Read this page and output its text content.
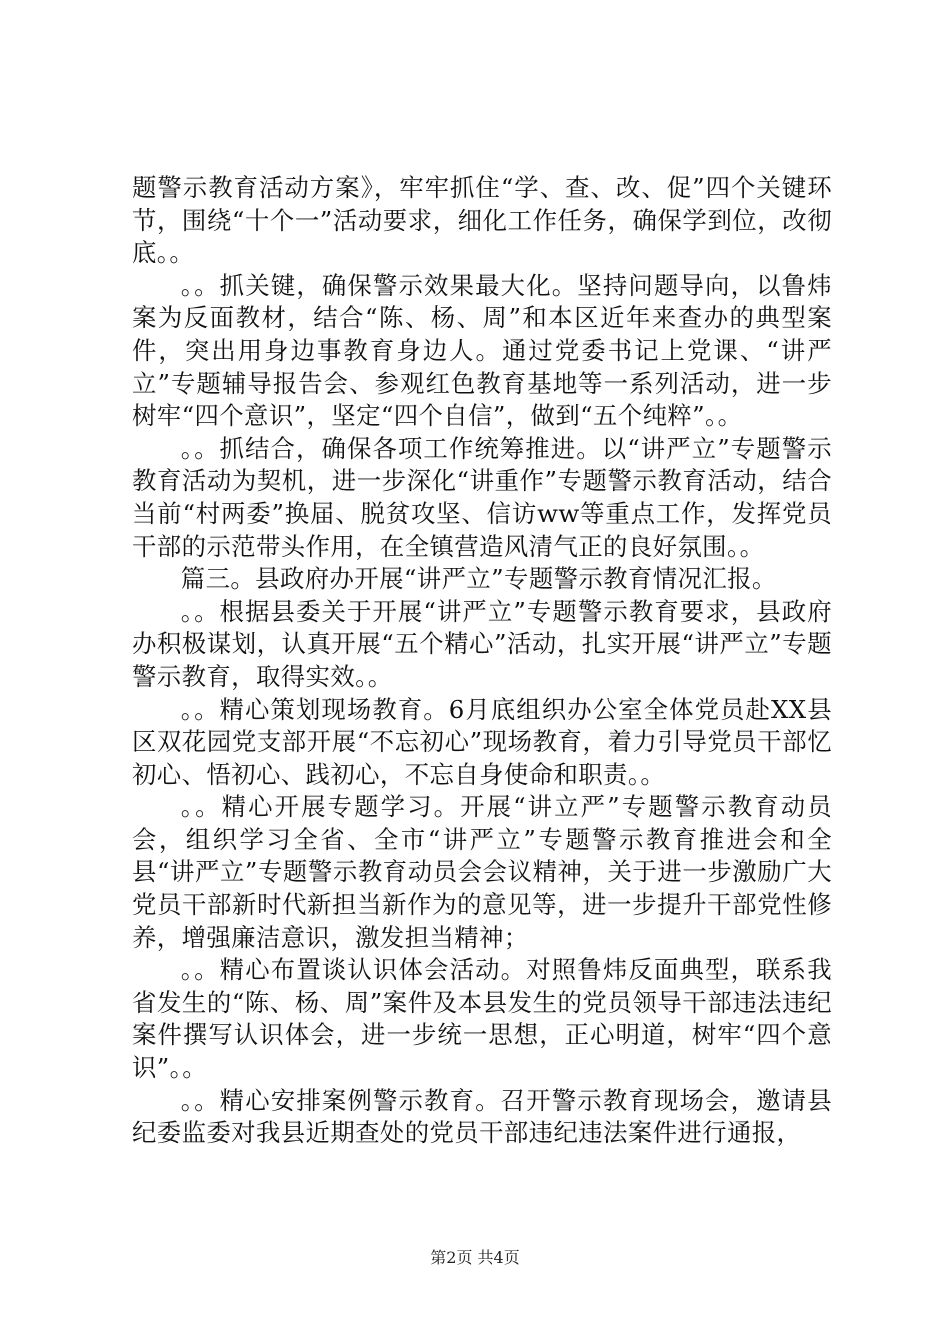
题警示教育活动方案》，牢牢抓住“学、查、改、促”四个关键环节，围绕“十个一”活动要求，细化工作任务，确保学到位，改彻底。。

。。抓关键，确保警示效果最大化。坚持问题导向，以鲁炜案为反面教材，结合“陈、杨、周”和本区近年来查办的典型案件，突出用身边事教育身边人。通过党委书记上党课、“讲严立”专题辅导报告会、参观红色教育基地等一系列活动，进一步树牢“四个意识”，坚定“四个自信”，做到“五个纯粹”。。

。。抓结合，确保各项工作统筹推进。以“讲严立”专题警示教育活动为契机，进一步深化“讲重作”专题警示教育活动，结合当前“村两委”换届、脱贫攻坚、信访ww等重点工作，发挥党员干部的示范带头作用，在全镇营造风清气正的良好氛围。。

篇三。县政府办开展“讲严立”专题警示教育情况汇报。

。。根据县委关于开展“讲严立”专题警示教育要求，县政府办积极谋划，认真开展“五个精心”活动，扎实开展“讲严立”专题警示教育，取得实效。。

。。精心策划现场教育。6月底组织办公室全体党员赴XX县区双花园党支部开展“不忘初心”现场教育，着力引导党员干部忆初心、悟初心、践初心，不忘自身使命和职责。。

。。精心开展专题学习。开展“讲立严”专题警示教育动员会，组织学习全省、全市“讲严立”专题警示教育推进会和全县“讲严立”专题警示教育动员会会议精神，关于进一步激励广大党员干部新时代新担当新作为的意见等，进一步提升干部党性修养，增强廉洁意识，激发担当精神；

。。精心布置谈认识体会活动。对照鲁炜反面典型，联系我省发生的“陈、杨、周”案件及本县发生的党员领导干部违法违纪案件撰写认识体会，进一步统一思想，正心明道，树牢“四个意识”。。

。。精心安排案例警示教育。召开警示教育现场会，邀请县纪委监委对我县近期查处的党员干部违纪违法案件进行通报，

第2页 共4页
